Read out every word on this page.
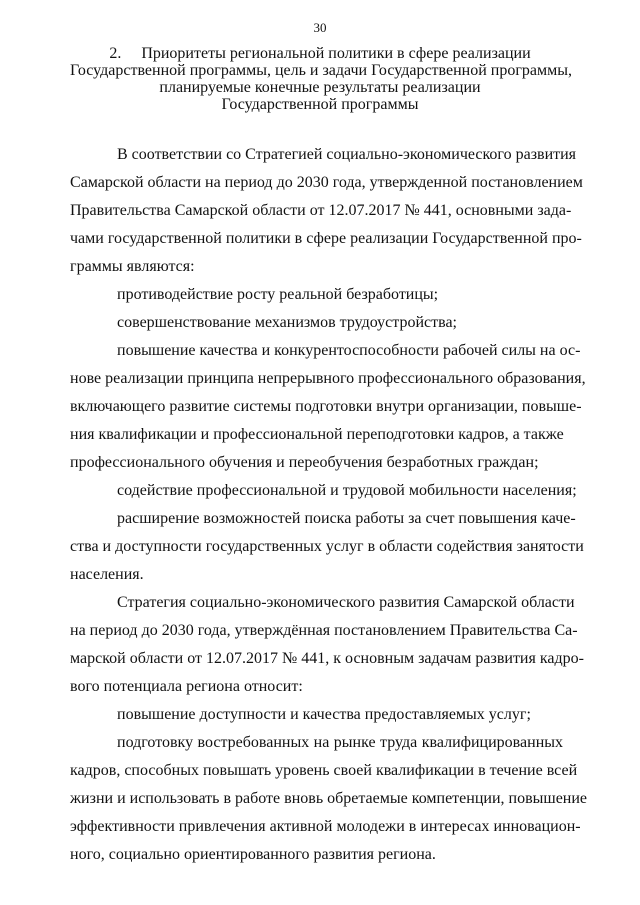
30
2.     Приоритеты региональной политики в сфере реализации
Государственной программы, цель и задачи Государственной программы,
планируемые конечные результаты реализации
Государственной программы
В соответствии со Стратегией социально-экономического развития
Самарской области на период до 2030 года, утвержденной постановлением
Правительства Самарской области от 12.07.2017 № 441, основными зада-
чами государственной политики в сфере реализации Государственной про-
граммы являются:
противодействие росту реальной безработицы;
совершенствование механизмов трудоустройства;
повышение качества и конкурентоспособности рабочей силы на ос-
нове реализации принципа непрерывного профессионального образования,
включающего развитие системы подготовки внутри организации, повыше-
ния квалификации и профессиональной переподготовки кадров, а также
профессионального обучения и переобучения безработных граждан;
содействие профессиональной и трудовой мобильности населения;
расширение возможностей поиска работы за счет повышения каче-
ства и доступности государственных услуг в области содействия занятости
населения.
Стратегия социально-экономического развития Самарской области
на период до 2030 года, утверждённая постановлением Правительства Са-
марской области от 12.07.2017 № 441, к основным задачам развития кадро-
вого потенциала региона относит:
повышение доступности и качества предоставляемых услуг;
подготовку востребованных на рынке труда квалифицированных
кадров, способных повышать уровень своей квалификации в течение всей
жизни и использовать в работе вновь обретаемые компетенции, повышение
эффективности привлечения активной молодежи в интересах инновацион-
ного, социально ориентированного развития региона.
